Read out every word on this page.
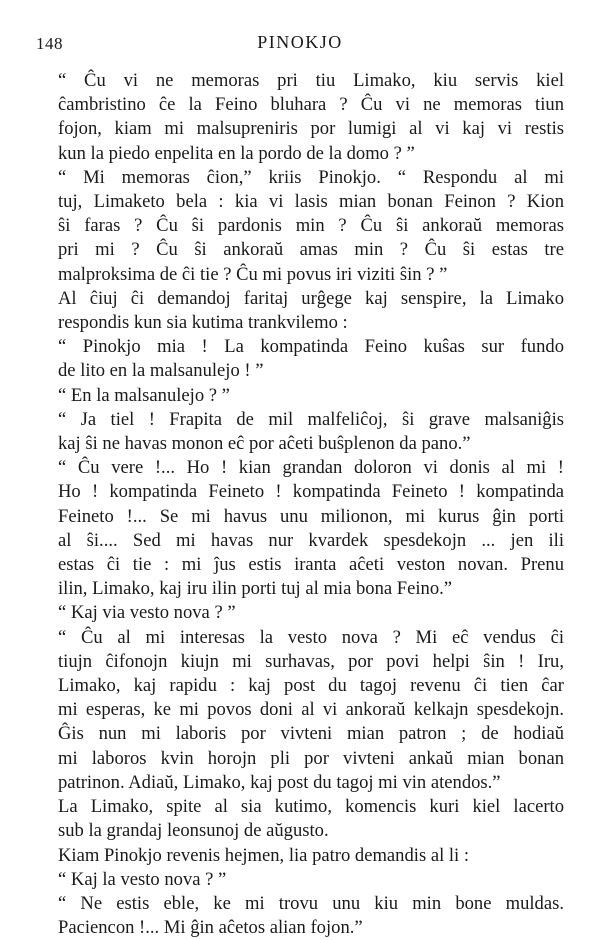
148	PINOKJO
“ Ĉu vi ne memoras pri tiu Limako, kiu servis kiel
ĉambristino ĉe la Feino bluhara ? Ĉu vi ne memoras tiun
fojon, kiam mi malsupreniris por lumigi al vi kaj vi restis
kun la piedo enpelita en la pordo de la domo ? ”
“ Mi memoras ĉion,” kriis Pinokjo. “ Respondu al mi
tuj, Limaketo bela : kia vi lasis mian bonan Feinon ? Kion
ŝi faras ? Ĉu ŝi pardonis min ? Ĉu ŝi ankoraŭ memoras
pri mi ? Ĉu ŝi ankoraŭ amas min ? Ĉu ŝi estas tre
malproksima de ĉi tie ? Ĉu mi povus iri viziti ŝin ? ”
Al ĉiuj ĉi demandoj faritaj urĝege kaj senspire, la Limako
respondis kun sia kutima trankvilemo :
“ Pinokjo mia ! La kompatinda Feino kuŝas sur fundo
de lito en la malsanulejo ! ”
“ En la malsanulejo ? ”
“ Ja tiel ! Frapita de mil malfeliĉoj, ŝi grave malsaniĝis
kaj ŝi ne havas monon eĉ por aĉeti buŝplenon da pano.”
“ Ĉu vere !... Ho ! kian grandan doloron vi donis al mi !
Ho ! kompatinda Feineto ! kompatinda Feineto ! kompatinda
Feineto !... Se mi havus unu milionon, mi kurus ĝin porti
al ŝi.... Sed mi havas nur kvardek spesdekojn ... jen ili
estas ĉi tie : mi ĵus estis iranta aĉeti veston novan. Prenu
ilin, Limako, kaj iru ilin porti tuj al mia bona Feino.”
“ Kaj via vesto nova ? ”
“ Ĉu al mi interesas la vesto nova ? Mi eĉ vendus ĉi
tiujn ĉifonojn kiujn mi surhavas, por povi helpi ŝin ! Iru,
Limako, kaj rapidu : kaj post du tagoj revenu ĉi tien ĉar
mi esperas, ke mi povos doni al vi ankoraŭ kelkajn spesdekojn.
Ĝis nun mi laboris por vivteni mian patron ; de hodiaŭ
mi laboros kvin horojn pli por vivteni ankaŭ mian bonan
patrinon. Adiaŭ, Limako, kaj post du tagoj mi vin atendos.”
La Limako, spite al sia kutimo, komencis kuri kiel lacerto
sub la grandaj leonsunoj de aŭgusto.
Kiam Pinokjo revenis hejmen, lia patro demandis al li :
“ Kaj la vesto nova ? ”
“ Ne estis eble, ke mi trovu unu kiu min bone muldas.
Paciencon !... Mi ĝin aĉetos alian fojon.”
